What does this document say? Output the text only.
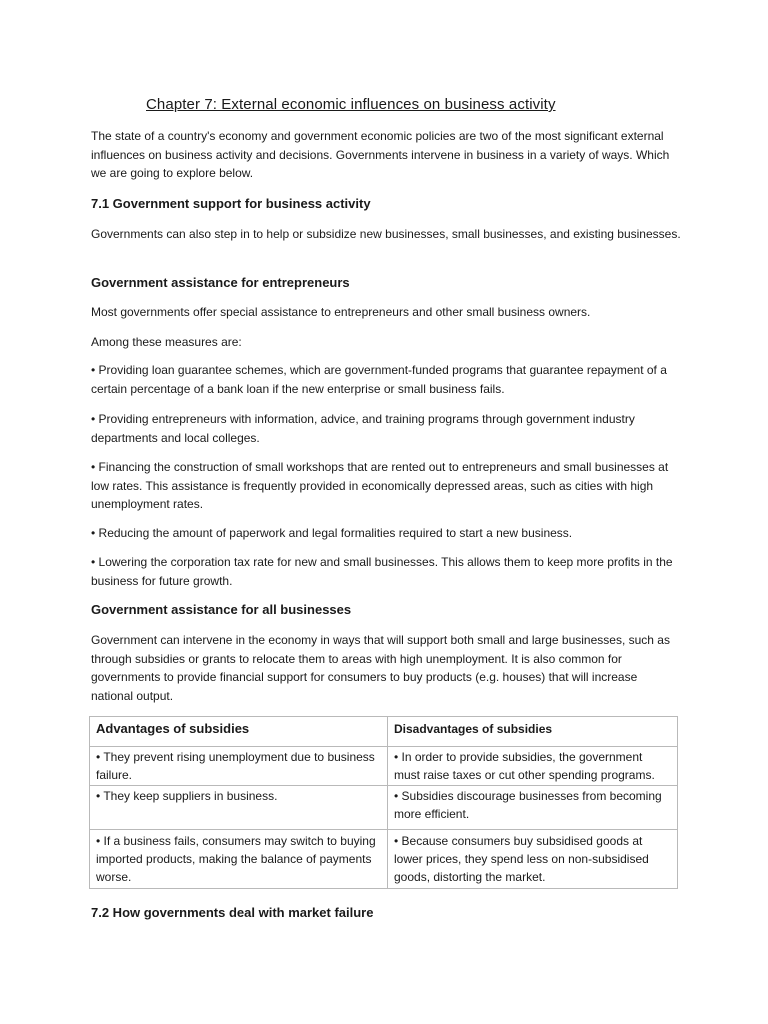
Chapter 7: External economic influences on business activity

The state of a country's economy and government economic policies are two of the most significant external influences on business activity and decisions. Governments intervene in business in a variety of ways. Which we are going to explore below.

7.1 Government support for business activity

Governments can also step in to help or subsidize new businesses, small businesses, and existing businesses.

Government assistance for entrepreneurs

Most governments offer special assistance to entrepreneurs and other small business owners.

Among these measures are:

• Providing loan guarantee schemes, which are government-funded programs that guarantee repayment of a certain percentage of a bank loan if the new enterprise or small business fails.

• Providing entrepreneurs with information, advice, and training programs through government industry departments and local colleges.

• Financing the construction of small workshops that are rented out to entrepreneurs and small businesses at low rates. This assistance is frequently provided in economically depressed areas, such as cities with high unemployment rates.

• Reducing the amount of paperwork and legal formalities required to start a new business.

• Lowering the corporation tax rate for new and small businesses. This allows them to keep more profits in the business for future growth.

Government assistance for all businesses

Government can intervene in the economy in ways that will support both small and large businesses, such as through subsidies or grants to relocate them to areas with high unemployment. It is also common for governments to provide financial support for consumers to buy products (e.g. houses) that will increase national output.

Advantages of subsidies	Disadvantages of subsidies
• They prevent rising unemployment due to business failure.	• In order to provide subsidies, the government must raise taxes or cut other spending programs.
• They keep suppliers in business.	• Subsidies discourage businesses from becoming more efficient.
• If a business fails, consumers may switch to buying imported products, making the balance of payments worse.	• Because consumers buy subsidised goods at lower prices, they spend less on non-subsidised goods, distorting the market.
7.2 How governments deal with market failure
